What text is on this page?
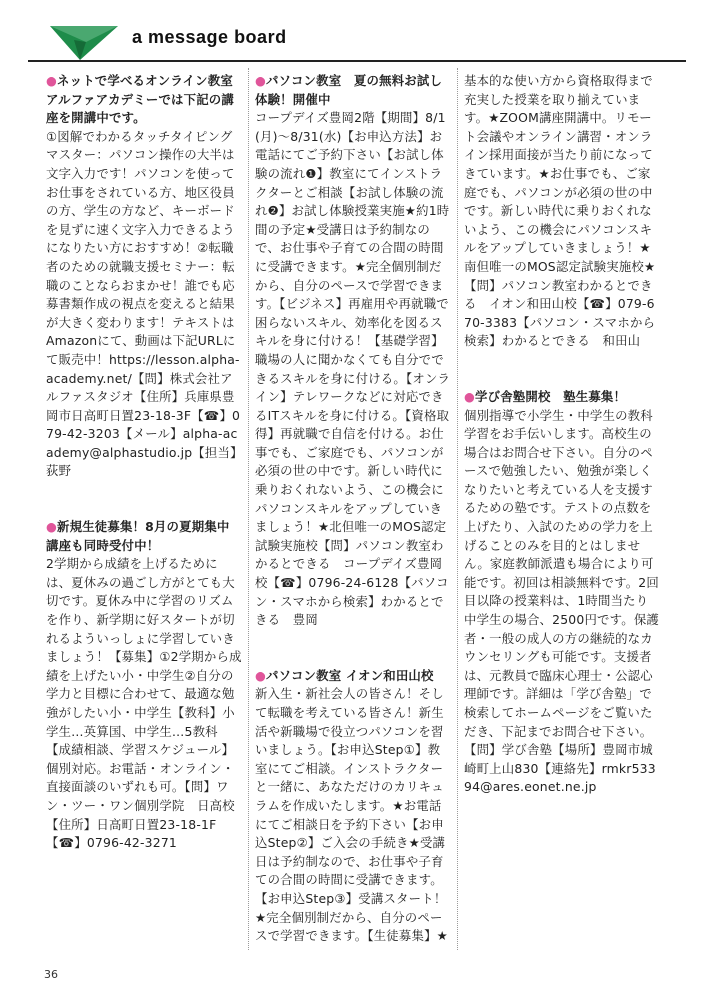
a message board
●ネットで学べるオンライン教室アルファアカデミーでは下記の講座を開講中です。
①図解でわかるタッチタイピングマスター：パソコン操作の大半は文字入力です！パソコンを使ってお仕事をされている方、地区役員の方、学生の方など、キーボードを見ずに速く文字入力できるようになりたい方におすすめ！②転職者のための就職支援セミナー：転職のことならおまかせ！誰でも応募書類作成の視点を変えると結果が大きく変わります！テキストはAmazonにて、動画は下記URLにて販売中！https://lesson.alpha-academy.net/【問】株式会社アルファスタジオ【住所】兵庫県豊岡市日高町日置23-18-3F【☎】079-42-3203【メール】alpha-academy@alphastudio.jp【担当】荻野
●新規生徒募集！8月の夏期集中講座も同時受付中！
2学期から成績を上げるためには、夏休みの過ごし方がとても大切です。夏休み中に学習のリズムを作り、新学期に好スタートが切れるよういっしょに学習していきましょう！【募集】①2学期から成績を上げたい小・中学生②自分の学力と目標に合わせて、最適な勉強がしたい小・中学生【教科】小学生…英算国、中学生…5教科【成績相談、学習スケジュール】個別対応。お電話・オンライン・直接面談のいずれも可。【問】ワン・ツー・ワン個別学院　日高校【住所】日高町日置23-18-1F【☎】0796-42-3271
●パソコン教室　夏の無料お試し体験！開催中
コープデイズ豊岡2階【期間】8/1(月)～8/31(水)【お申込方法】お電話にてご予約下さい【お試し体験の流れ❶】教室にてインストラクターとご相談【お試し体験の流れ❷】お試し体験授業実施★約1時間の予定★受講日は予約制なので、お仕事や子育ての合間の時間に受講できます。★完全個別制だから、自分のペースで学習できます。【ビジネス】再雇用や再就職で困らないスキル、効率化を図るスキルを身に付ける！【基礎学習】職場の人に聞かなくても自分でできるスキルを身に付ける。【オンライン】テレワークなどに対応できるITスキルを身に付ける。【資格取得】再就職で自信を付ける。お仕事でも、ご家庭でも、パソコンが必須の世の中です。新しい時代に乗りおくれないよう、この機会にパソコンスキルをアップしていきましょう！★北但唯一のMOS認定試験実施校【問】パソコン教室わかるとできる　コープデイズ豊岡校【☎】0796-24-6128【パソコン・スマホから検索】わかるとできる　豊岡
●パソコン教室 イオン和田山校
新入生・新社会人の皆さん！そして転職を考えている皆さん！新生活や新職場で役立つパソコンを習いましょう。【お申込Step①】教室にてご相談。インストラクターと一緒に、あなただけのカリキュラムを作成いたします。★お電話にてご相談日を予約下さい【お申込Step②】ご入会の手続き★受講日は予約制なので、お仕事や子育ての合間の時間に受講できます。【お申込Step③】受講スタート！★完全個別制だから、自分のペースで学習できます。【生徒募集】★
基本的な使い方から資格取得まで充実した授業を取り揃えています。★ZOOM講座開講中。リモート会議やオンライン講習・オンライン採用面接が当たり前になってきています。★お仕事でも、ご家庭でも、パソコンが必須の世の中です。新しい時代に乗りおくれないよう、この機会にパソコンスキルをアップしていきましょう！★南但唯一のMOS認定試験実施校★【問】パソコン教室わかるとできる　イオン和田山校【☎】079-670-3383【パソコン・スマホから検索】わかるとできる　和田山
●学び舎塾開校　塾生募集！
個別指導で小学生・中学生の教科学習をお手伝いします。高校生の場合はお問合せ下さい。自分のペースで勉強したい、勉強が楽しくなりたいと考えている人を支援するための塾です。テストの点数を上げたり、入試のための学力を上げることのみを目的とはしません。家庭教師派遣も場合により可能です。初回は相談無料です。2回目以降の授業料は、1時間当たり中学生の場合、2500円です。保護者・一般の成人の方の継続的なカウンセリングも可能です。支援者は、元教員で臨床心理士・公認心理師です。詳細は「学び舎塾」で検索してホームページをご覧いただき、下記までお問合せ下さい。【問】学び舎塾【場所】豊岡市城崎町上山830【連絡先】rmkr53394@ares.eonet.ne.jp
36
